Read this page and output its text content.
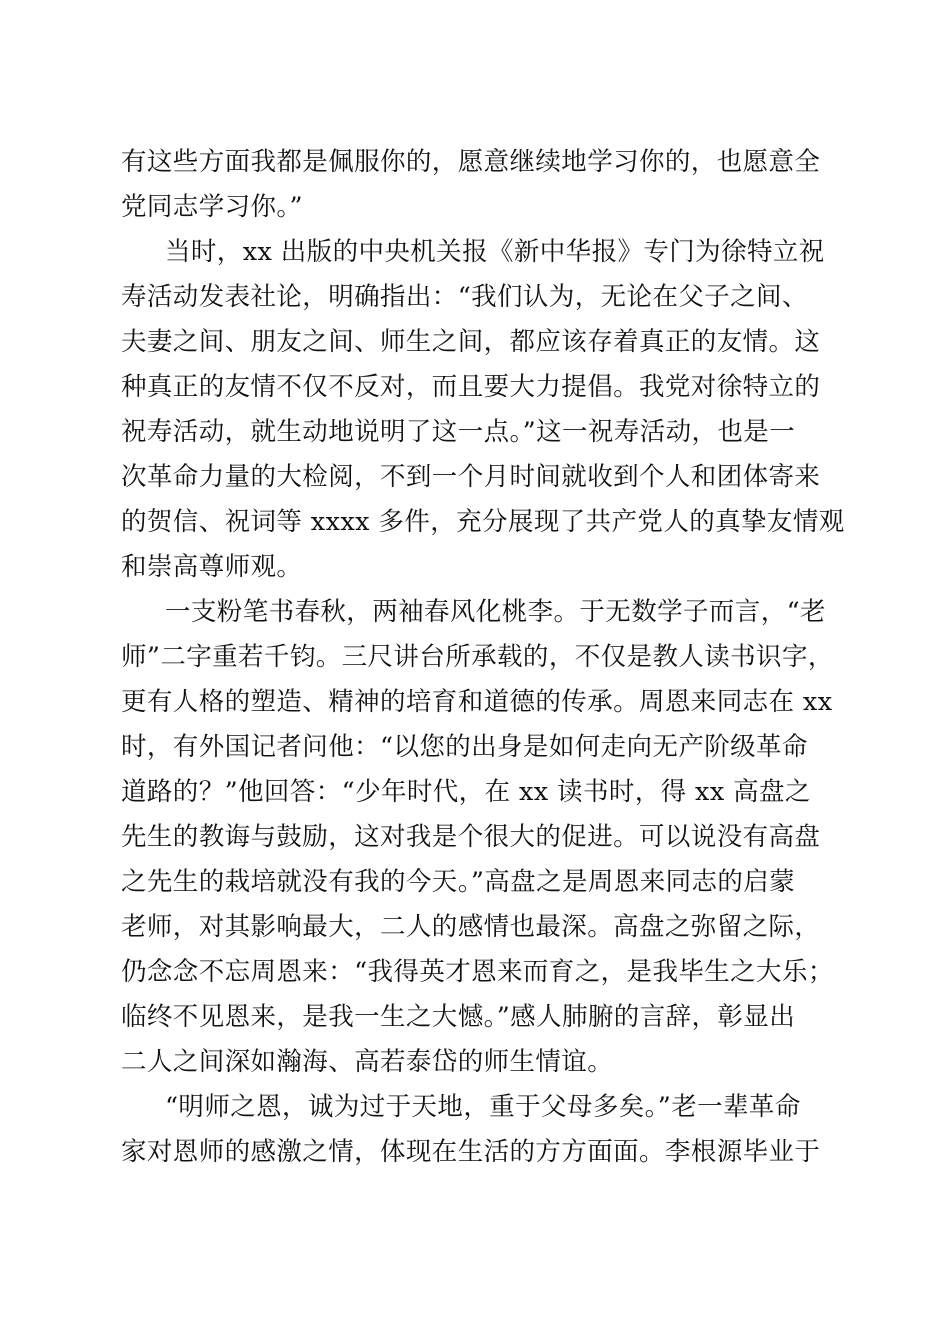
有这些方面我都是佩服你的，愿意继续地学习你的，也愿意全
党同志学习你。”
当时，xx 出版的中央机关报《新中华报》专门为徐特立祝
寿活动发表社论，明确指出：“我们认为，无论在父子之间、
夫妻之间、朋友之间、师生之间，都应该存着真正的友情。这
种真正的友情不仅不反对，而且要大力提倡。我党对徐特立的
祝寿活动，就生动地说明了这一点。”这一祝寿活动，也是一
次革命力量的大检阅，不到一个月时间就收到个人和团体寄来
的贺信、祝词等 xxxx 多件，充分展现了共产党人的真挚友情观
和崇高尊师观。
一支粉笔书春秋，两袖春风化桃李。于无数学子而言，“老
师”二字重若千钧。三尺讲台所承载的，不仅是教人读书识字，
更有人格的塑造、精神的培育和道德的传承。周恩来同志在 xx
时，有外国记者问他：“以您的出身是如何走向无产阶级革命
道路的？”他回答：“少年时代，在 xx 读书时，得 xx 高盘之
先生的教诲与鼓励，这对我是个很大的促进。可以说没有高盘
之先生的栽培就没有我的今天。”高盘之是周恩来同志的启蒙
老师，对其影响最大，二人的感情也最深。高盘之弥留之际，
仍念念不忘周恩来：“我得英才恩来而育之，是我毕生之大乐；
临终不见恩来，是我一生之大憾。”感人肺腑的言辞，彰显出
二人之间深如瀚海、高若泰岱的师生情谊。
“明师之恩，诚为过于天地，重于父母多矣。”老一辈革命
家对恩师的感激之情，体现在生活的方方面面。李根源毕业于
